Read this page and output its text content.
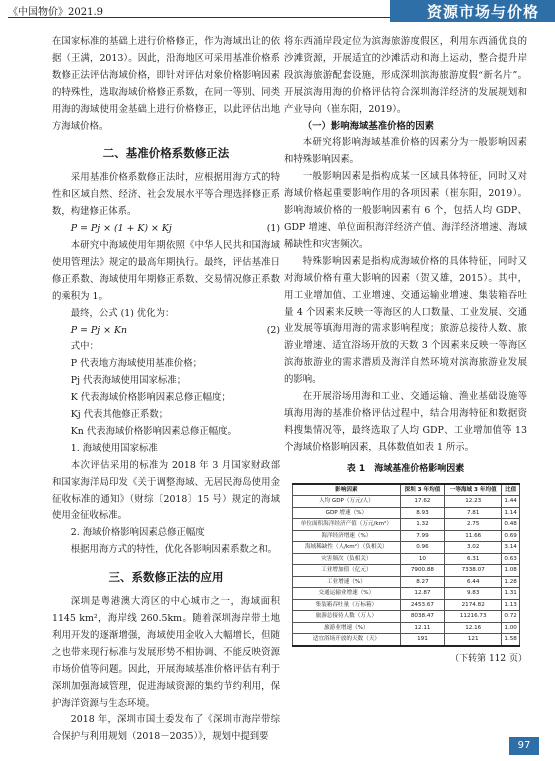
《中国物价》2021.9	资源市场与价格

在国家标准的基础上进行价格修正，作为海域出让的依据（王满，2013）。因此，沿海地区可采用基准价格系数修正法评估海域价格，即针对评估对象价格影响因素的特殊性，选取海域价格修正系数，在同一等别、同类用海的海域使用金基础上进行价格修正，以此评估出地方海域价格。

二、基准价格系数修正法

采用基准价格系数修正法时，应根据用海方式的特性和区域自然、经济、社会发展水平等合理选择修正系数，构建修正体系。

P = Pj × (1 + K) × Kj	(1)

本研究中海域使用年期依照《中华人民共和国海域使用管理法》规定的最高年期执行。最终，评估基准日修正系数、海域使用年期修正系数、交易情况修正系数的乘积为 1。

最终，公式 (1) 优化为：

P = Pj × Kn	(2)

式中：

P 代表地方海域使用基准价格；

Pj 代表海域使用国家标准；

K 代表海域价格影响因素总修正幅度；

Kj 代表其他修正系数；

Kn 代表海域价格影响因素总修正幅度。

1. 海域使用国家标准

本次评估采用的标准为 2018 年 3 月国家财政部和国家海洋局印发《关于调整海域、无居民海岛使用金征收标准的通知》（财综〔2018〕15 号）规定的海域使用金征收标准。

2. 海域价格影响因素总修正幅度

根据用海方式的特性，优化各影响因素系数之和。

三、系数修正法的应用

深圳是粤港澳大湾区的中心城市之一，海域面积 1145 km²，海岸线 260.5km。随着深圳海岸带土地利用开发的逐渐增强，海域使用金收入大幅增长，但随之也带来现行标准与发展形势不相协调、不能反映资源市场价值等问题。因此，开展海域基准价格评估有利于深圳加强海域管理，促进海域资源的集约节约利用，保护海洋资源与生态环境。

2018 年，深圳市国土委发布了《深圳市海岸带综合保护与利用规划（2018－2035）》，规划中提到要

将东西涌岸段定位为滨海旅游度假区，利用东西涌优良的沙滩资源，开展适宜的沙滩活动和海上运动，整合提升岸段滨海旅游配套设施，形成深圳滨海旅游度假“新名片”。开展滨海用海的价格评估符合深圳海洋经济的发展规划和产业导向（崔东阳，2019）。

（一）影响海域基准价格的因素

本研究将影响海域基准价格的因素分为一般影响因素和特殊影响因素。

一般影响因素是指构成某一区域具体特征，同时又对海域价格起重要影响作用的各项因素（崔东阳，2019）。影响海域价格的一般影响因素有 6 个，包括人均 GDP、GDP 增速、单位面积海洋经济产值、海洋经济增速、海域稀缺性和灾害频次。

特殊影响因素是指构成海域价格的具体特征，同时又对海域价格有重大影响的因素（贺又雄，2015）。其中，用工业增加值、工业增速、交通运输业增速、集装箱吞吐量 4 个因素来反映一等海区的人口数量、工业发展、交通业发展等填海用海的需求影响程度；旅游总接待人数、旅游业增速、适宜浴场开放的天数 3 个因素来反映一等海区滨海旅游业的需求潜质及海洋自然环境对滨海旅游业发展的影响。

在开展浴场用海和工业、交通运输、渔业基础设施等填海用海的基准价格评估过程中，结合用海特征和数据资料搜集情况等，最终选取了人均 GDP、工业增加值等 13 个海域价格影响因素，具体数值如表 1 所示。

表 1　海域基准价格影响因素
影响因素	深圳 3 年均值	一等海域 3 年均值	比值
人均 GDP（万元/人）	17.62	12.23	1.44
GDP 增速（%）	8.93	7.81	1.14
单位面积海洋经济产值（万元/km²）	1.32	2.75	0.48
海洋经济增速（%）	7.99	11.66	0.69
海域稀缺性（人/km²）（负相关）	0.96	3.02	3.14
灾害频次（负相关）	10	6.31	0.63
工业增加值（亿元）	7900.88	7338.07	1.08
工业增速（%）	8.27	6.44	1.28
交通运输业增速（%）	12.87	9.83	1.31
集装箱吞吐量（万标箱）	2453.67	2174.82	1.13
旅游总接待人数（万人）	8038.47	11216.73	0.72
旅游业增速（%）	12.11	12.16	1.00
适宜浴场开放的天数（天）	191	121	1.58
（下转第 112 页）
97
